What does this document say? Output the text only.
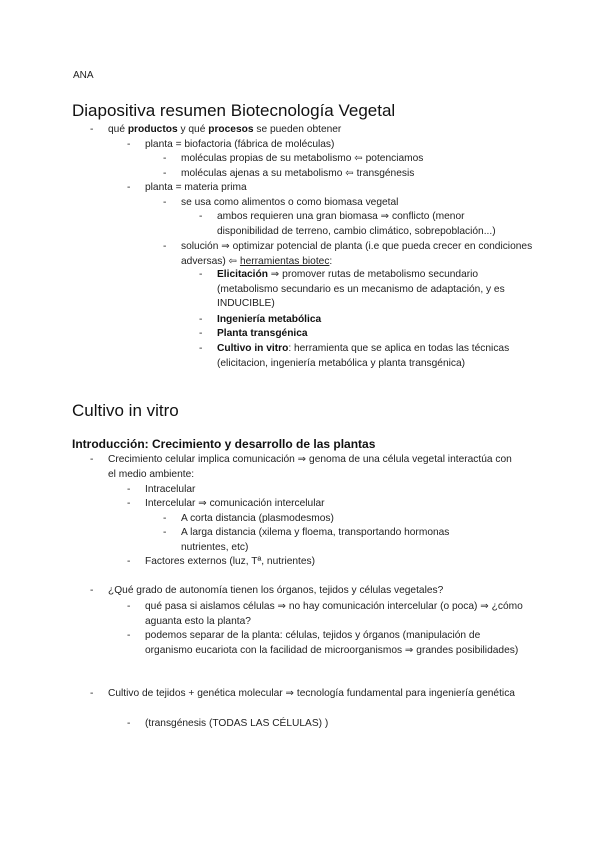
ANA
Diapositiva resumen Biotecnología Vegetal
- qué productos y qué procesos se pueden obtener
- planta = biofactoria (fábrica de moléculas)
- moléculas propias de su metabolismo ⇦ potenciamos
- moléculas ajenas a su metabolismo ⇦ transgénesis
- planta = materia prima
- se usa como alimentos o como biomasa vegetal
- ambos requieren una gran biomasa ⇒ conflicto (menor disponibilidad de terreno, cambio climático, sobrepoblación...)
- solución ⇒ optimizar potencial de planta (i.e que pueda crecer en condiciones adversas) ⇦ herramientas biotec:
- Elicitación ⇒ promover rutas de metabolismo secundario (metabolismo secundario es un mecanismo de adaptación, y es INDUCIBLE)
- Ingeniería metabólica
- Planta transgénica
- Cultivo in vitro: herramienta que se aplica en todas las técnicas (elicitacion, ingeniería metabólica y planta transgénica)
Cultivo in vitro
Introducción: Crecimiento y desarrollo de las plantas
- Crecimiento celular implica comunicación ⇒ genoma de una célula vegetal interactúa con el medio ambiente:
- Intracelular
- Intercelular ⇒ comunicación intercelular
- A corta distancia (plasmodesmos)
- A larga distancia (xilema y floema, transportando hormonas nutrientes, etc)
- Factores externos (luz, Tª, nutrientes)
- ¿Qué grado de autonomía tienen los órganos, tejidos y células vegetales?
- qué pasa si aislamos células ⇒ no hay comunicación intercelular (o poca) ⇒ ¿cómo aguanta esto la planta?
- podemos separar de la planta: células, tejidos y órganos (manipulación de organismo eucariota con la facilidad de microorganismos ⇒ grandes posibilidades)
- Cultivo de tejidos + genética molecular ⇒ tecnología fundamental para ingeniería genética
- (transgénesis (TODAS LAS CÉLULAS) )
